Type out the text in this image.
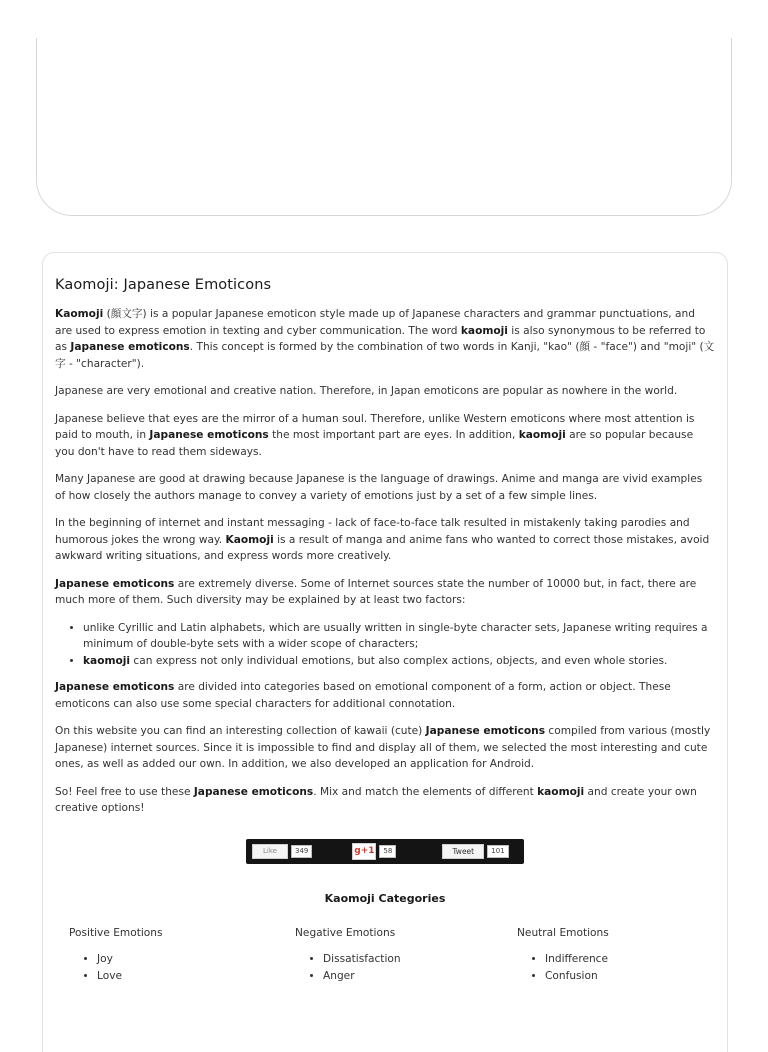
Kaomoji: Japanese Emoticons

Kaomoji (顔文字) is a popular Japanese emoticon style made up of Japanese characters and grammar punctuations, and are used to express emotion in texting and cyber communication. The word kaomoji is also synonymous to be referred to as Japanese emoticons. This concept is formed by the combination of two words in Kanji, "kao" (顔 - "face") and "moji" (文字 - "character").

Japanese are very emotional and creative nation. Therefore, in Japan emoticons are popular as nowhere in the world.

Japanese believe that eyes are the mirror of a human soul. Therefore, unlike Western emoticons where most attention is paid to mouth, in Japanese emoticons the most important part are eyes. In addition, kaomoji are so popular because you don't have to read them sideways.

Many Japanese are good at drawing because Japanese is the language of drawings. Anime and manga are vivid examples of how closely the authors manage to convey a variety of emotions just by a set of a few simple lines.

In the beginning of internet and instant messaging - lack of face-to-face talk resulted in mistakenly taking parodies and humorous jokes the wrong way. Kaomoji is a result of manga and anime fans who wanted to correct those mistakes, avoid awkward writing situations, and express words more creatively.

Japanese emoticons are extremely diverse. Some of Internet sources state the number of 10000 but, in fact, there are much more of them. Such diversity may be explained by at least two factors:

• unlike Cyrillic and Latin alphabets, which are usually written in single-byte character sets, Japanese writing requires a minimum of double-byte sets with a wider scope of characters;
• kaomoji can express not only individual emotions, but also complex actions, objects, and even whole stories.

Japanese emoticons are divided into categories based on emotional component of a form, action or object. These emoticons can also use some special characters for additional connotation.

On this website you can find an interesting collection of kawaii (cute) Japanese emoticons compiled from various (mostly Japanese) internet sources. Since it is impossible to find and display all of them, we selected the most interesting and cute ones, as well as added our own. In addition, we also developed an application for Android.

So! Feel free to use these Japanese emoticons. Mix and match the elements of different kaomoji and create your own creative options!

Like	349	g+1	58	Tweet	101
Kaomoji Categories
Positive Emotions
• Joy
• Love
Negative Emotions
• Dissatisfaction
• Anger
Neutral Emotions
• Indifference
• Confusion
